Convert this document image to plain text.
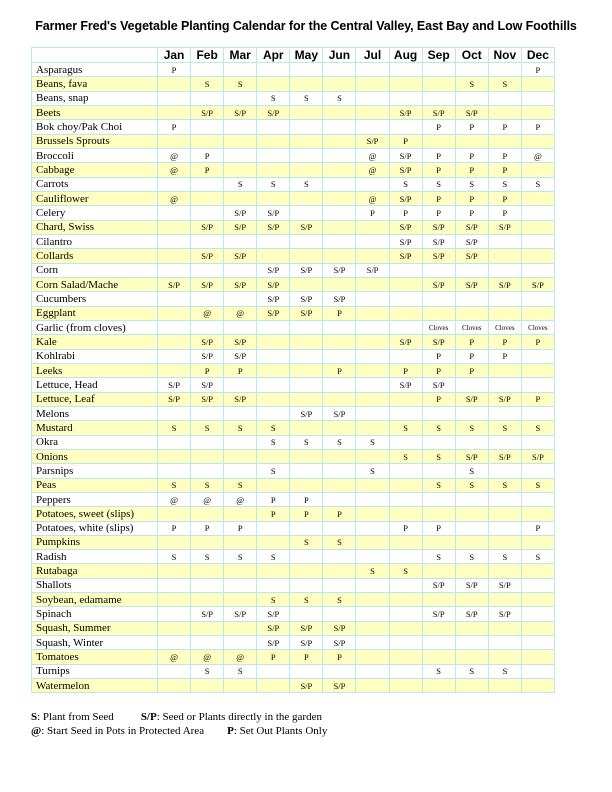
Farmer Fred's Vegetable Planting Calendar for the Central Valley, East Bay and Low Foothills
	Jan	Feb	Mar	Apr	May	Jun	Jul	Aug	Sep	Oct	Nov	Dec
Asparagus	P											P
Beans, fava		S	S							S	S	
Beans, snap				S	S	S						
Beets		S/P	S/P	S/P				S/P	S/P	S/P		
Bok choy/Pak Choi	P								P	P	P	P
Brussels Sprouts							S/P	P				
Broccoli	@	P					@	S/P	P	P	P	@
Cabbage	@	P					@	S/P	P	P	P	
Carrots			S	S	S			S	S	S	S	S
Cauliflower	@						@	S/P	P	P	P	
Celery			S/P	S/P			P	P	P	P	P	
Chard, Swiss		S/P	S/P	S/P	S/P			S/P	S/P	S/P	S/P	
Cilantro								S/P	S/P	S/P		
Collards		S/P	S/P					S/P	S/P	S/P		
Corn				S/P	S/P	S/P	S/P					
Corn Salad/Mache	S/P	S/P	S/P	S/P					S/P	S/P	S/P	S/P
Cucumbers				S/P	S/P	S/P						
Eggplant		@	@	S/P	S/P	P						
Garlic (from cloves)									Cloves	Cloves	Cloves	Cloves
Kale		S/P	S/P					S/P	S/P	P	P	P
Kohlrabi		S/P	S/P						P	P	P	
Leeks		P	P			P		P	P	P		
Lettuce, Head	S/P	S/P						S/P	S/P			
Lettuce, Leaf	S/P	S/P	S/P						P	S/P	S/P	P
Melons					S/P	S/P						
Mustard	S	S	S	S				S	S	S	S	S
Okra				S	S	S	S					
Onions								S	S	S/P	S/P	S/P
Parsnips				S			S			S		
Peas	S	S	S						S	S	S	S
Peppers	@	@	@	P	P							
Potatoes, sweet (slips)				P	P	P						
Potatoes, white (slips)	P	P	P					P	P			P
Pumpkins					S	S						
Radish	S	S	S	S					S	S	S	S
Rutabaga							S	S				
Shallots									S/P	S/P	S/P	
Soybean, edamame				S	S	S						
Spinach		S/P	S/P	S/P					S/P	S/P	S/P	
Squash, Summer				S/P	S/P	S/P						
Squash, Winter				S/P	S/P	S/P						
Tomatoes	@	@	@	P	P	P						
Turnips		S	S						S	S	S	
Watermelon					S/P	S/P						
S: Plant from Seed S/P: Seed or Plants directly in the garden
@: Start Seed in Pots in Protected Area P: Set Out Plants Only
